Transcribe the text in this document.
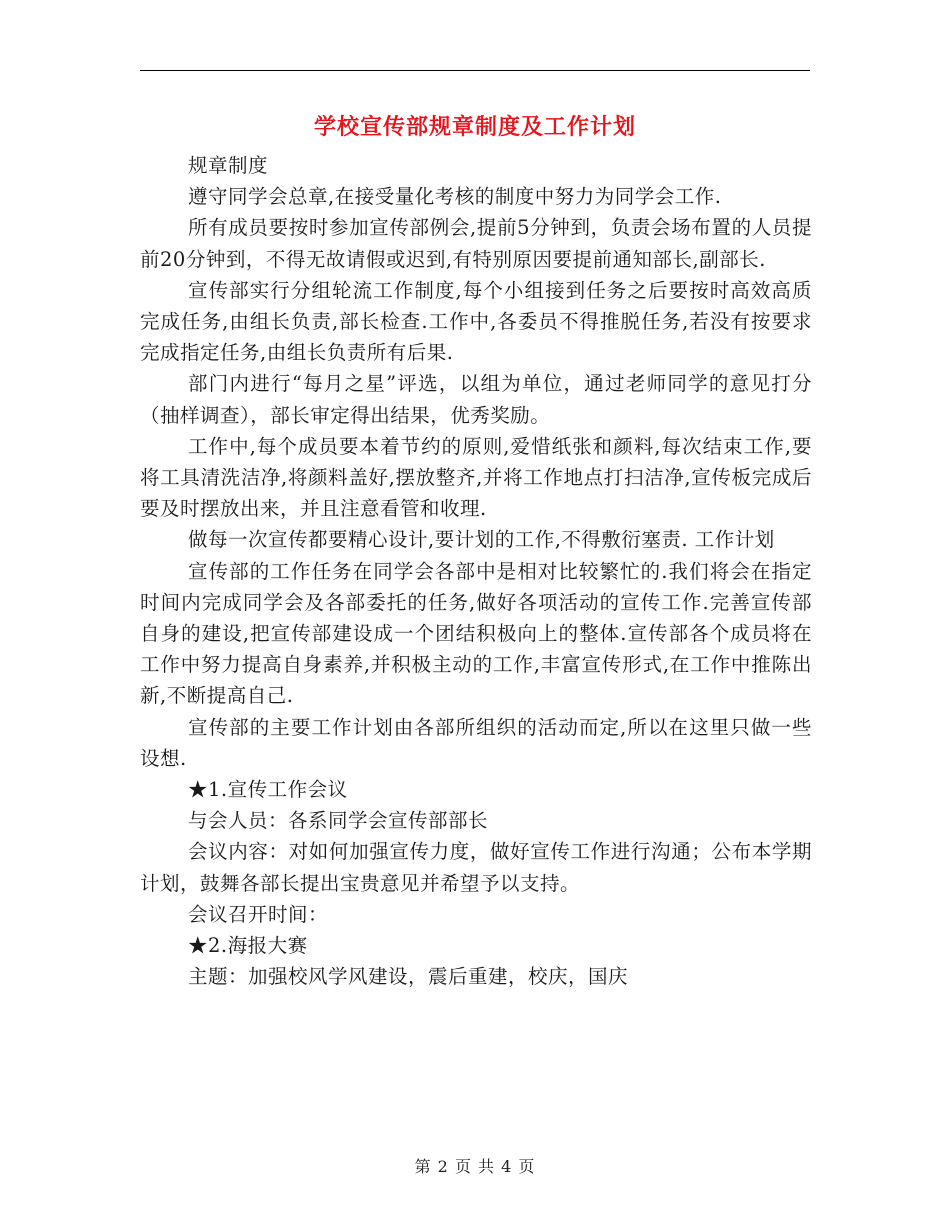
学校宣传部规章制度及工作计划

规章制度

遵守同学会总章,在接受量化考核的制度中努力为同学会工作.

所有成员要按时参加宣传部例会,提前5分钟到，负责会场布置的人员提前20分钟到，不得无故请假或迟到,有特别原因要提前通知部长,副部长.

宣传部实行分组轮流工作制度,每个小组接到任务之后要按时高效高质完成任务,由组长负责,部长检查.工作中,各委员不得推脱任务,若没有按要求完成指定任务,由组长负责所有后果.

部门内进行“每月之星”评选，以组为单位，通过老师同学的意见打分（抽样调查），部长审定得出结果，优秀奖励。

工作中,每个成员要本着节约的原则,爱惜纸张和颜料,每次结束工作,要将工具清洗洁净,将颜料盖好,摆放整齐,并将工作地点打扫洁净,宣传板完成后要及时摆放出来，并且注意看管和收理.

做每一次宣传都要精心设计,要计划的工作,不得敷衍塞责. 工作计划

宣传部的工作任务在同学会各部中是相对比较繁忙的.我们将会在指定时间内完成同学会及各部委托的任务,做好各项活动的宣传工作.完善宣传部自身的建设,把宣传部建设成一个团结积极向上的整体.宣传部各个成员将在工作中努力提高自身素养,并积极主动的工作,丰富宣传形式,在工作中推陈出新,不断提高自己.

宣传部的主要工作计划由各部所组织的活动而定,所以在这里只做一些设想.

★1.宣传工作会议

与会人员：各系同学会宣传部部长

会议内容：对如何加强宣传力度，做好宣传工作进行沟通；公布本学期计划，鼓舞各部长提出宝贵意见并希望予以支持。

会议召开时间：

★2.海报大赛

主题：加强校风学风建设，震后重建，校庆，国庆

第 2 页 共 4 页
